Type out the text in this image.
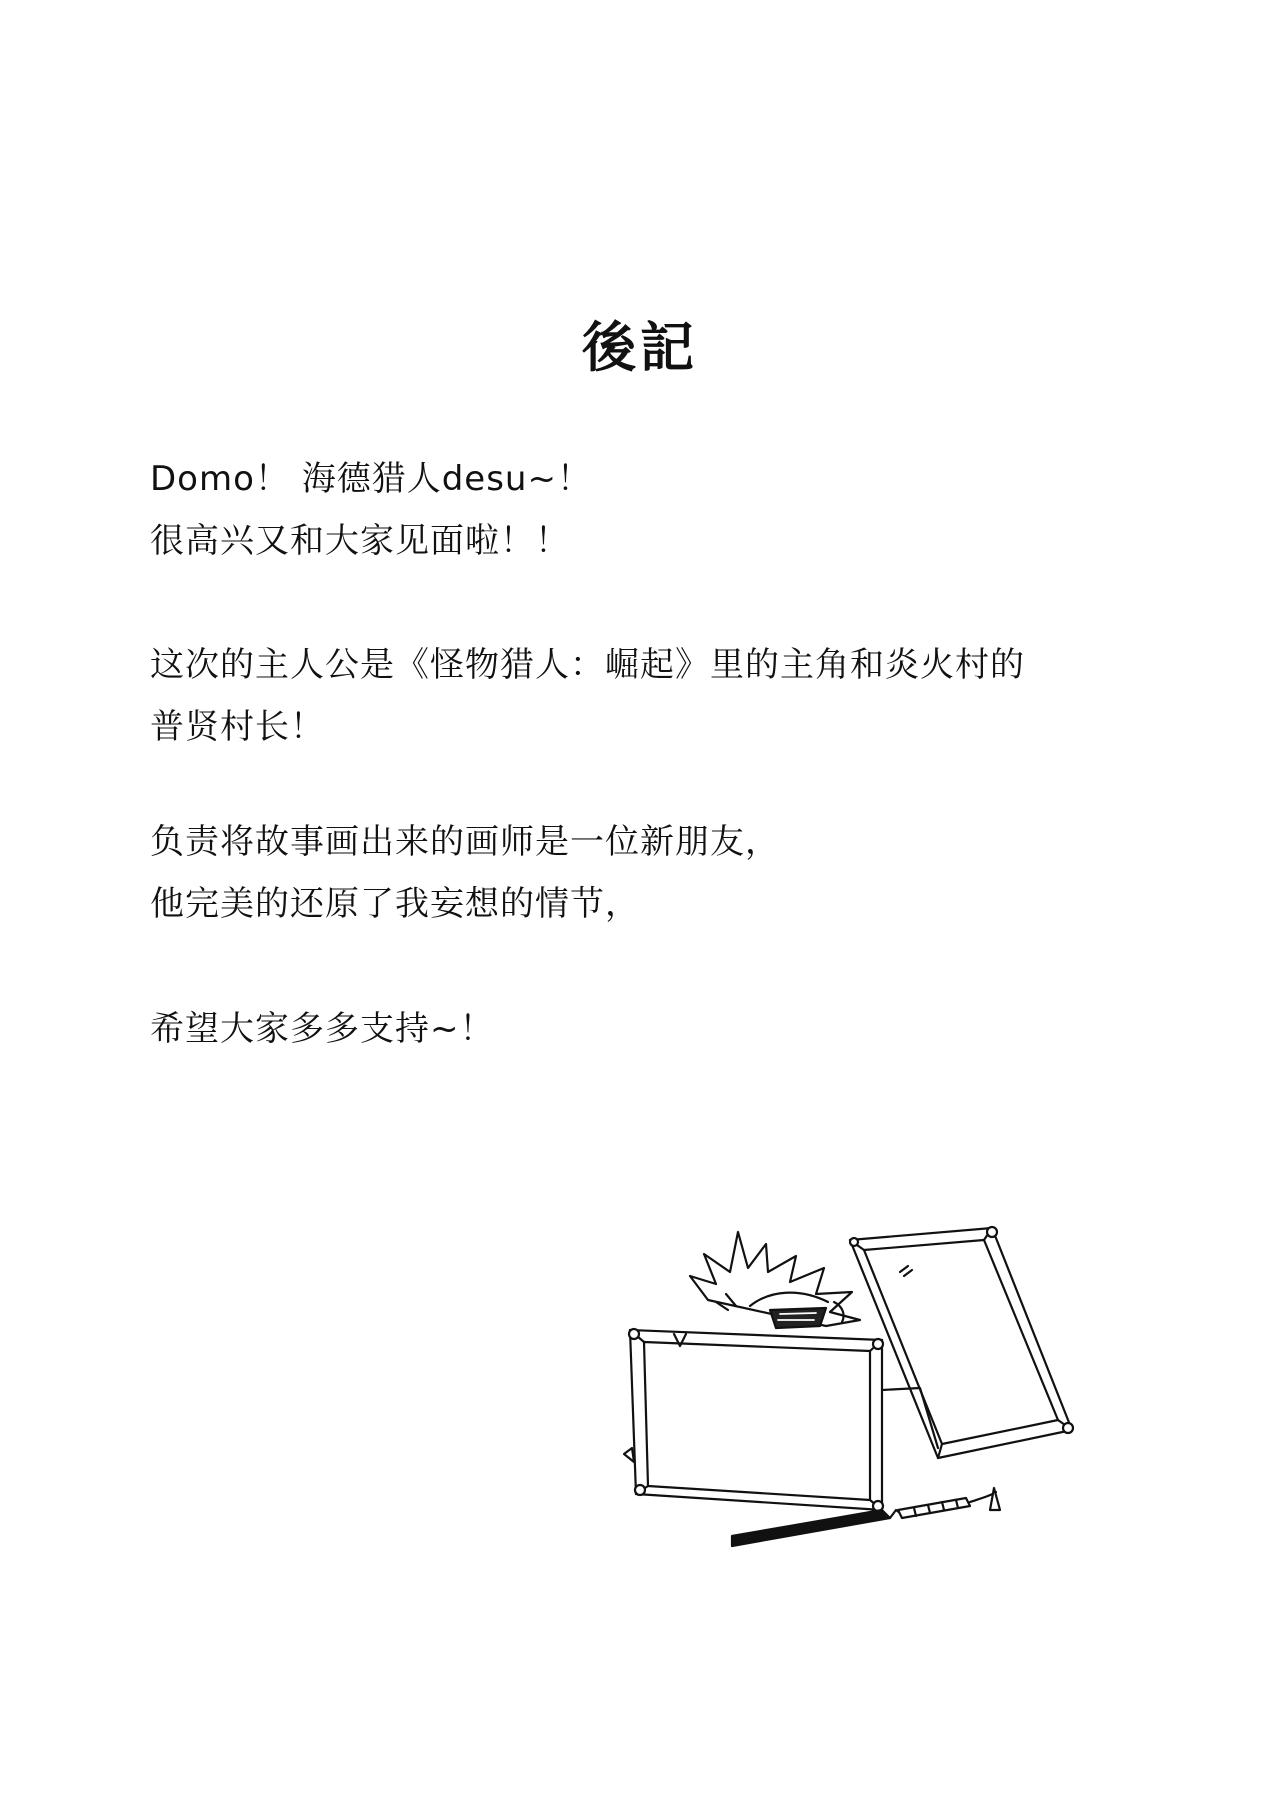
後記
Domo！ 海德猎人desu~！
很高兴又和大家见面啦！！
这次的主人公是《怪物猎人：崛起》里的主角和炎火村的
普贤村长！
负责将故事画出来的画师是一位新朋友，
他完美的还原了我妄想的情节，
希望大家多多支持~！
